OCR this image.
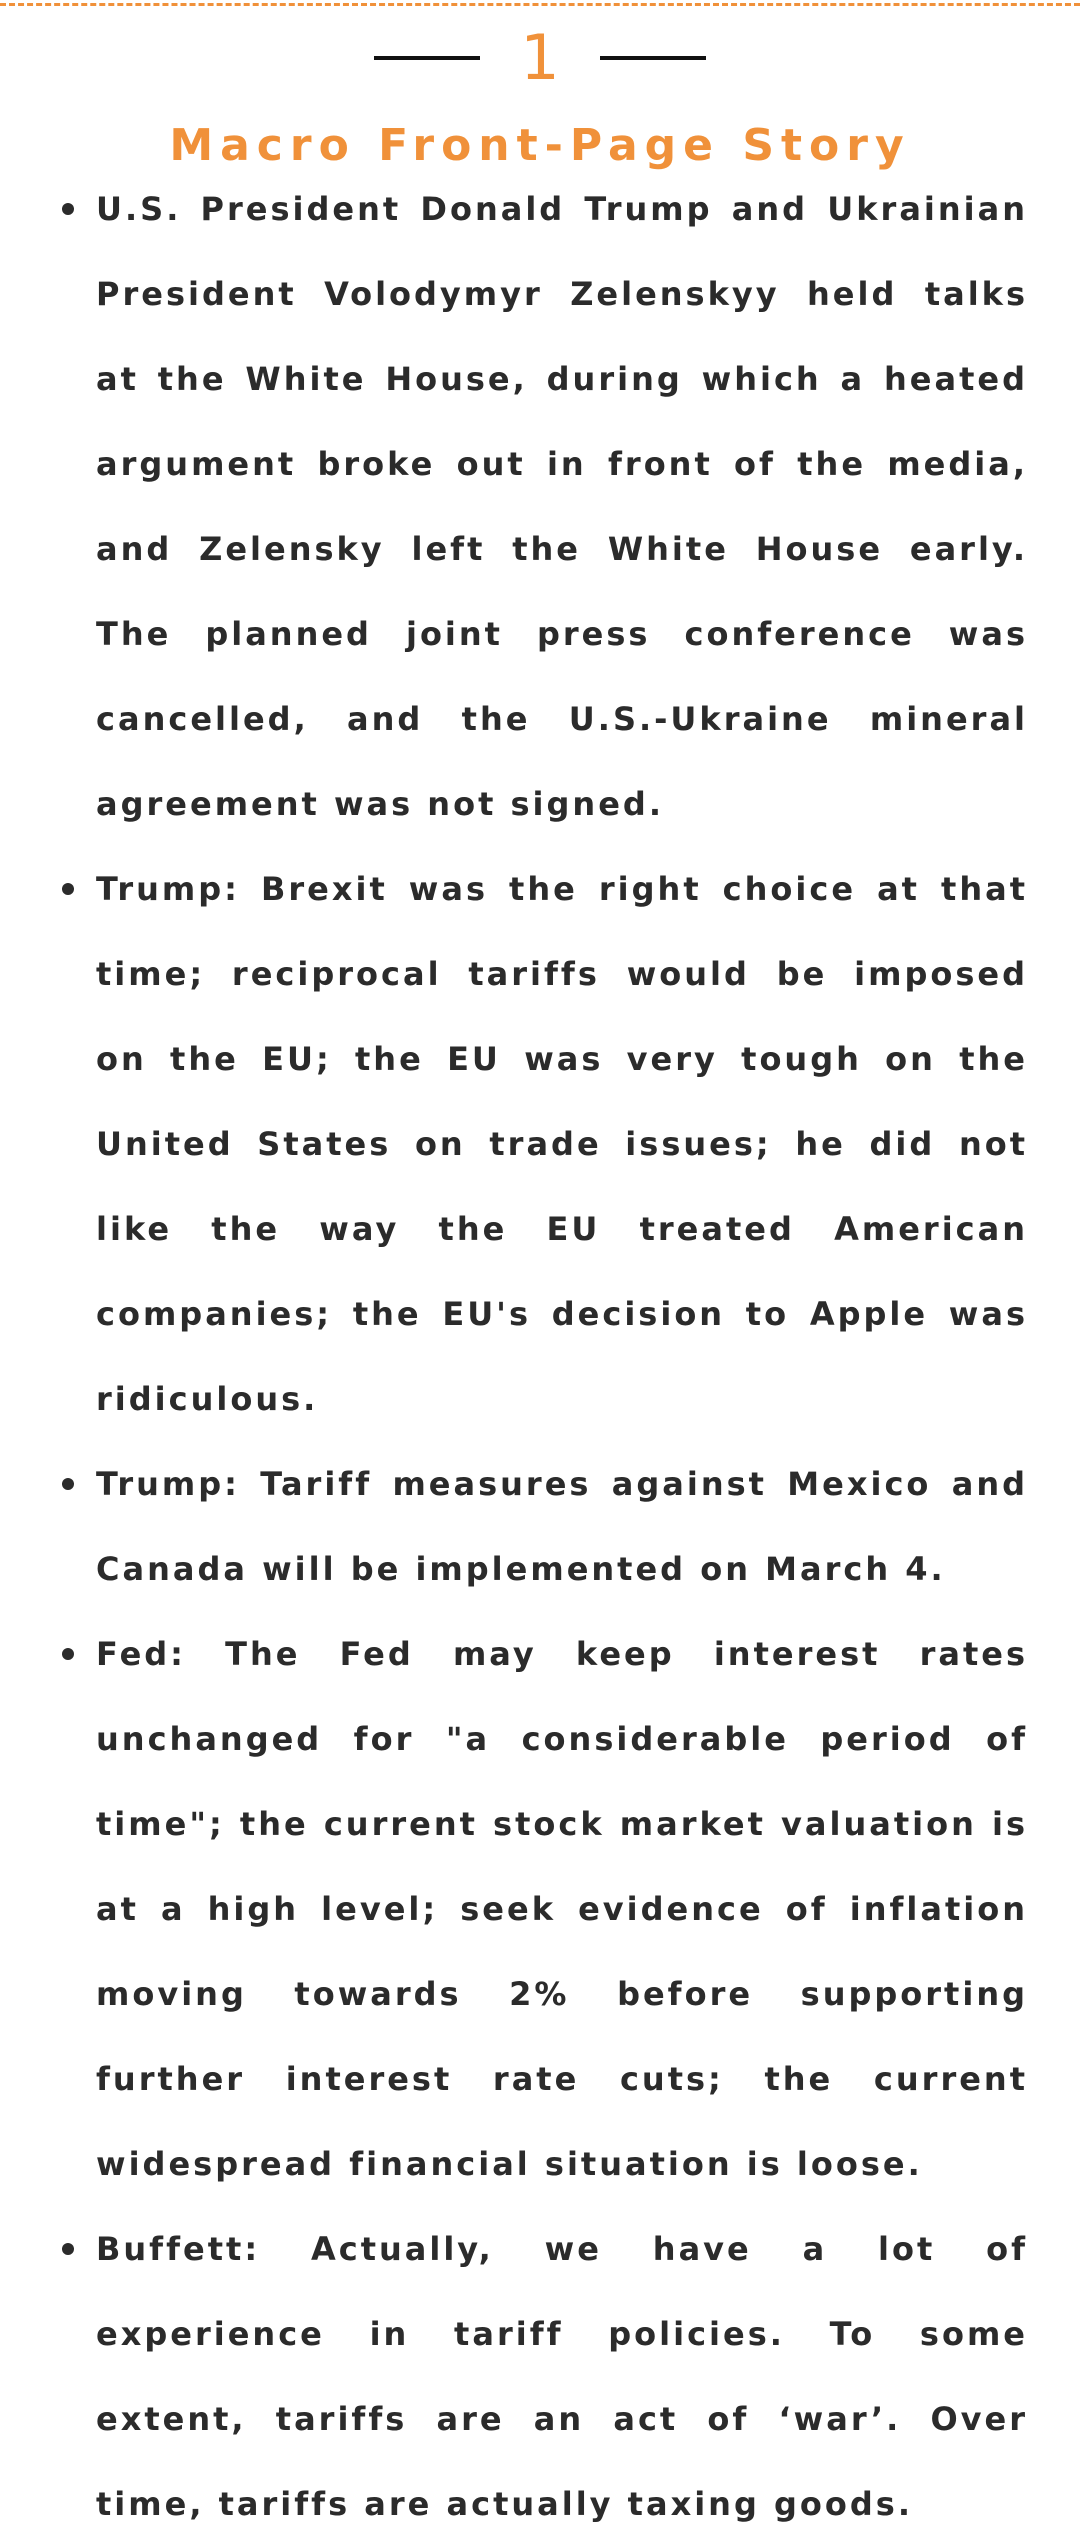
1
Macro Front-Page Story
U.S. President Donald Trump and Ukrainian President Volodymyr Zelenskyy held talks at the White House, during which a heated argument broke out in front of the media, and Zelensky left the White House early. The planned joint press conference was cancelled, and the U.S.-Ukraine mineral agreement was not signed.
Trump: Brexit was the right choice at that time; reciprocal tariffs would be imposed on the EU; the EU was very tough on the United States on trade issues; he did not like the way the EU treated American companies; the EU's decision to Apple was ridiculous.
Trump: Tariff measures against Mexico and Canada will be implemented on March 4.
Fed: The Fed may keep interest rates unchanged for "a considerable period of time"; the current stock market valuation is at a high level; seek evidence of inflation moving towards 2% before supporting further interest rate cuts; the current widespread financial situation is loose.
Buffett: Actually, we have a lot of experience in tariff policies. To some extent, tariffs are an act of ‘war’. Over time, tariffs are actually taxing goods.
